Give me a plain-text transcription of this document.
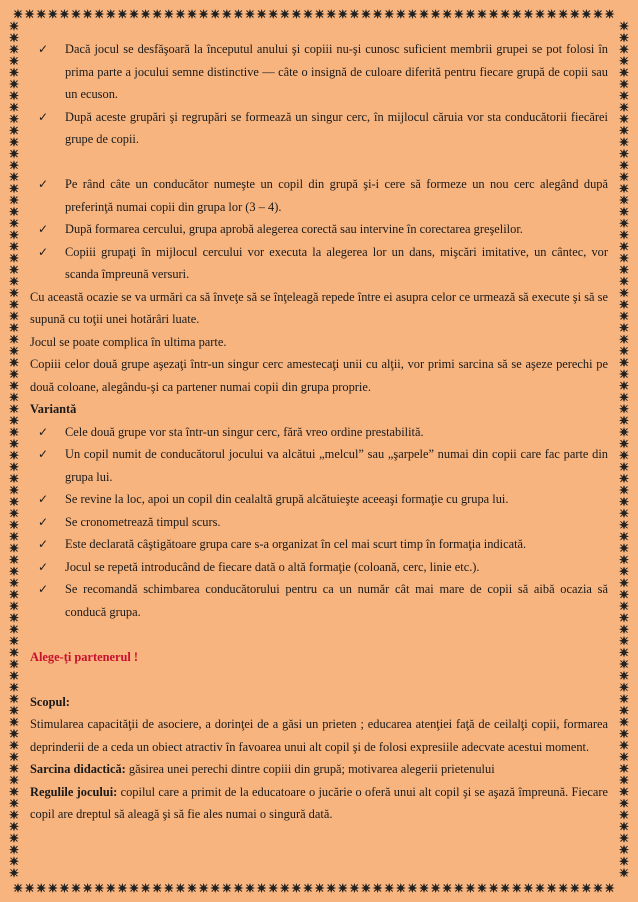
✓ Dacă jocul se desfăşoară la începutul anului şi copiii nu-şi cunosc suficient membrii grupei se pot folosi în prima parte a jocului semne distinctive — câte o insignă de culoare diferită pentru fiecare grupă de copii sau un ecuson.
✓ După aceste grupări şi regrupări se formează un singur cerc, în mijlocul căruia vor sta conducătorii fiecărei grupe de copii.
✓ Pe rând câte un conducător numeşte un copil din grupă şi-i cere să formeze un nou cerc alegând după preferinţă numai copii din grupa lor (3 – 4).
✓ După formarea cercului, grupa aprobă alegerea corectă sau intervine în corectarea greşelilor.
✓ Copiii grupaţi în mijlocul cercului vor executa la alegerea lor un dans, mişcări imitative, un cântec, vor scanda împreună versuri.

Cu această ocazie se va urmări ca să înveţe să se înţeleagă repede între ei asupra celor ce urmează să execute şi să se supună cu toţii unei hotărâri luate.

Jocul se poate complica în ultima parte.

Copiii celor două grupe aşezaţi într-un singur cerc amestecaţi unii cu alţii, vor primi sarcina să se aşeze perechi pe două coloane, alegându-şi ca partener numai copii din grupa proprie.

Variantă

✓ Cele două grupe vor sta într-un singur cerc, fără vreo ordine prestabilită.
✓ Un copil numit de conducătorul jocului va alcătui „melcul” sau „şarpele” numai din copii care fac parte din grupa lui.
✓ Se revine la loc, apoi un copil din cealaltă grupă alcătuieşte aceeaşi formaţie cu grupa lui.
✓ Se cronometrează timpul scurs.
✓ Este declarată câştigătoare grupa care s-a organizat în cel mai scurt timp în formaţia indicată.
✓ Jocul se repetă introducând de fiecare dată o altă formaţie (coloană, cerc, linie etc.).
✓ Se recomandă schimbarea conducătorului pentru ca un număr cât mai mare de copii să aibă ocazia să conducă grupa.

Alege-ţi partenerul !

Scopul:

Stimularea capacităţii de asociere, a dorinţei de a găsi un prieten ; educarea atenţiei faţă de ceilalţi copii, formarea deprinderii de a ceda un obiect atractiv în favoarea unui alt copil şi de folosi expresiile adecvate acestui moment.

Sarcina didactică: găsirea unei perechi dintre copiii din grupă; motivarea alegerii prietenului

Regulile jocului: copilul care a primit de la educatoare o jucărie o oferă unui alt copil şi se aşază împreună. Fiecare copil are dreptul să aleagă şi să fie ales numai o singură dată.
